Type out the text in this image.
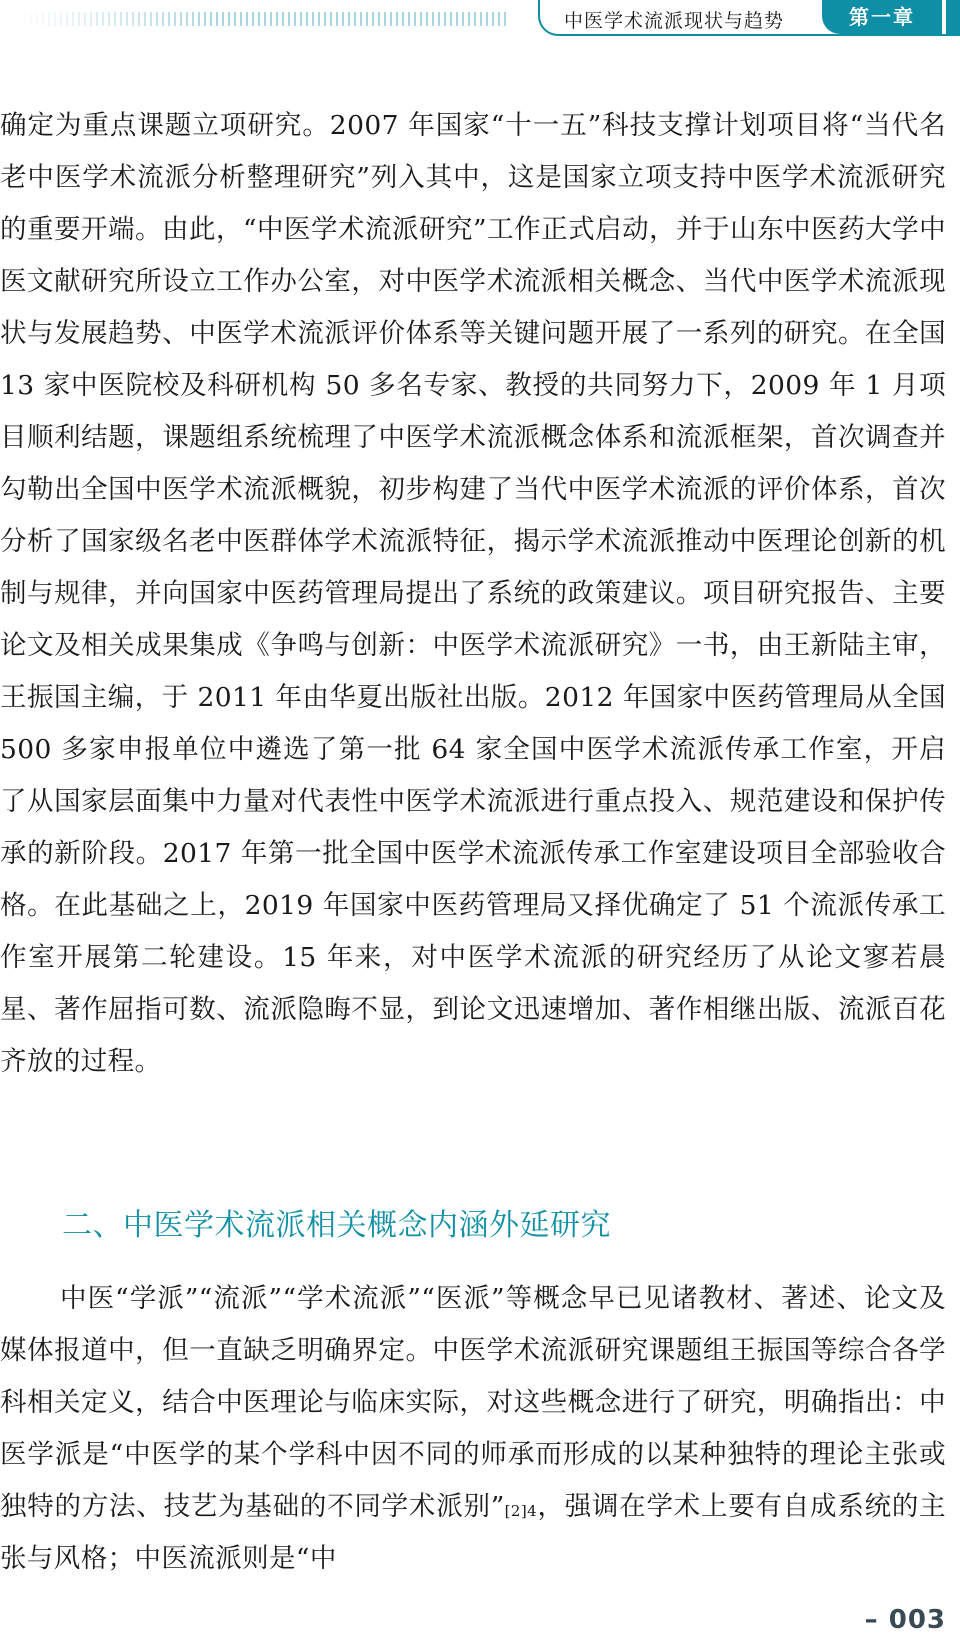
中医学术流派现状与趋势	第一章

确定为重点课题立项研究。2007 年国家“十一五”科技支撑计划项目将“当代名老中医学术流派分析整理研究”列入其中，这是国家立项支持中医学术流派研究的重要开端。由此，“中医学术流派研究”工作正式启动，并于山东中医药大学中医文献研究所设立工作办公室，对中医学术流派相关概念、当代中医学术流派现状与发展趋势、中医学术流派评价体系等关键问题开展了一系列的研究。在全国 13 家中医院校及科研机构 50 多名专家、教授的共同努力下，2009 年 1 月项目顺利结题，课题组系统梳理了中医学术流派概念体系和流派框架，首次调查并勾勒出全国中医学术流派概貌，初步构建了当代中医学术流派的评价体系，首次分析了国家级名老中医群体学术流派特征，揭示学术流派推动中医理论创新的机制与规律，并向国家中医药管理局提出了系统的政策建议。项目研究报告、主要论文及相关成果集成《争鸣与创新：中医学术流派研究》一书，由王新陆主审，王振国主编，于 2011 年由华夏出版社出版。2012 年国家中医药管理局从全国 500 多家申报单位中遴选了第一批 64 家全国中医学术流派传承工作室，开启了从国家层面集中力量对代表性中医学术流派进行重点投入、规范建设和保护传承的新阶段。2017 年第一批全国中医学术流派传承工作室建设项目全部验收合格。在此基础之上，2019 年国家中医药管理局又择优确定了 51 个流派传承工作室开展第二轮建设。15 年来，对中医学术流派的研究经历了从论文寥若晨星、著作屈指可数、流派隐晦不显，到论文迅速增加、著作相继出版、流派百花齐放的过程。

二、中医学术流派相关概念内涵外延研究

中医“学派”“流派”“学术流派”“医派”等概念早已见诸教材、著述、论文及媒体报道中，但一直缺乏明确界定。中医学术流派研究课题组王振国等综合各学科相关定义，结合中医理论与临床实际，对这些概念进行了研究，明确指出：中医学派是“中医学的某个学科中因不同的师承而形成的以某种独特的理论主张或独特的方法、技艺为基础的不同学术派别”$^{[2]4}$，强调在学术上要有自成系统的主张与风格；中医流派则是“中

– 003
